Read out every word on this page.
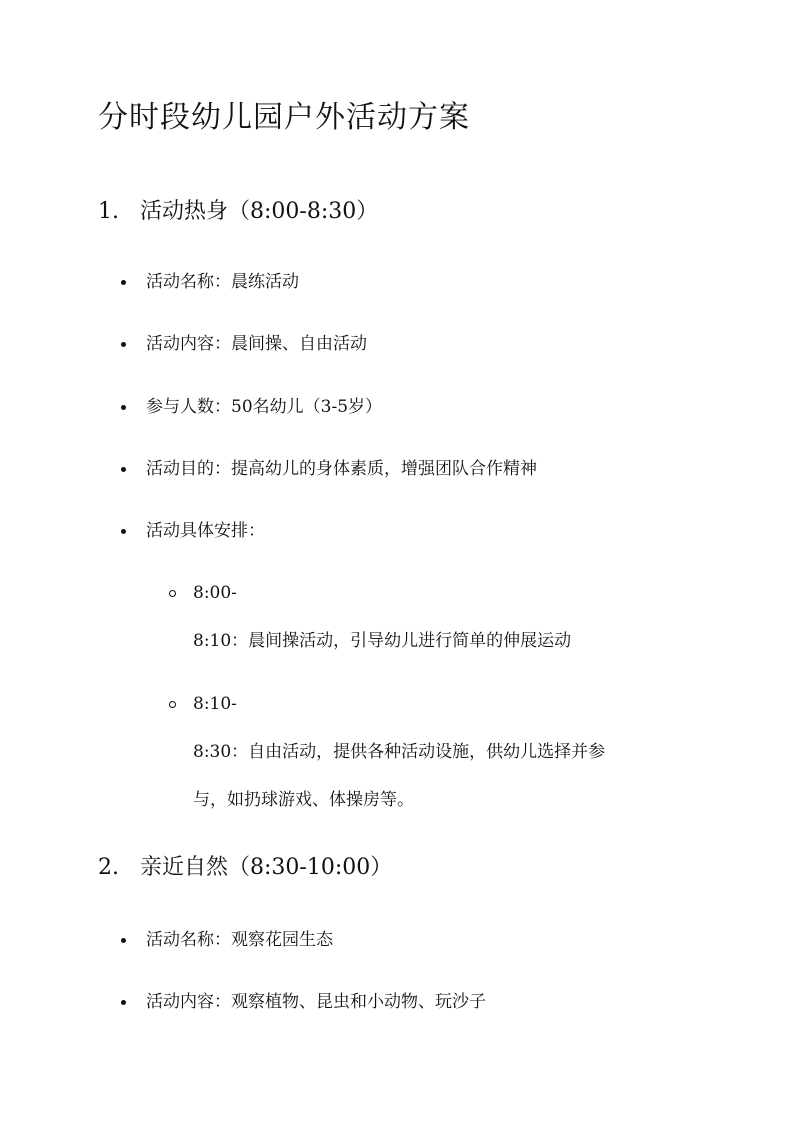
分时段幼儿园户外活动方案
1. 活动热身（8:00-8:30）
活动名称：晨练活动
活动内容：晨间操、自由活动
参与人数：50名幼儿（3-5岁）
活动目的：提高幼儿的身体素质，增强团队合作精神
活动具体安排：
8:00-
8:10：晨间操活动，引导幼儿进行简单的伸展运动
8:10-
8:30：自由活动，提供各种活动设施，供幼儿选择并参
与，如扔球游戏、体操房等。
2. 亲近自然（8:30-10:00）
活动名称：观察花园生态
活动内容：观察植物、昆虫和小动物、玩沙子
